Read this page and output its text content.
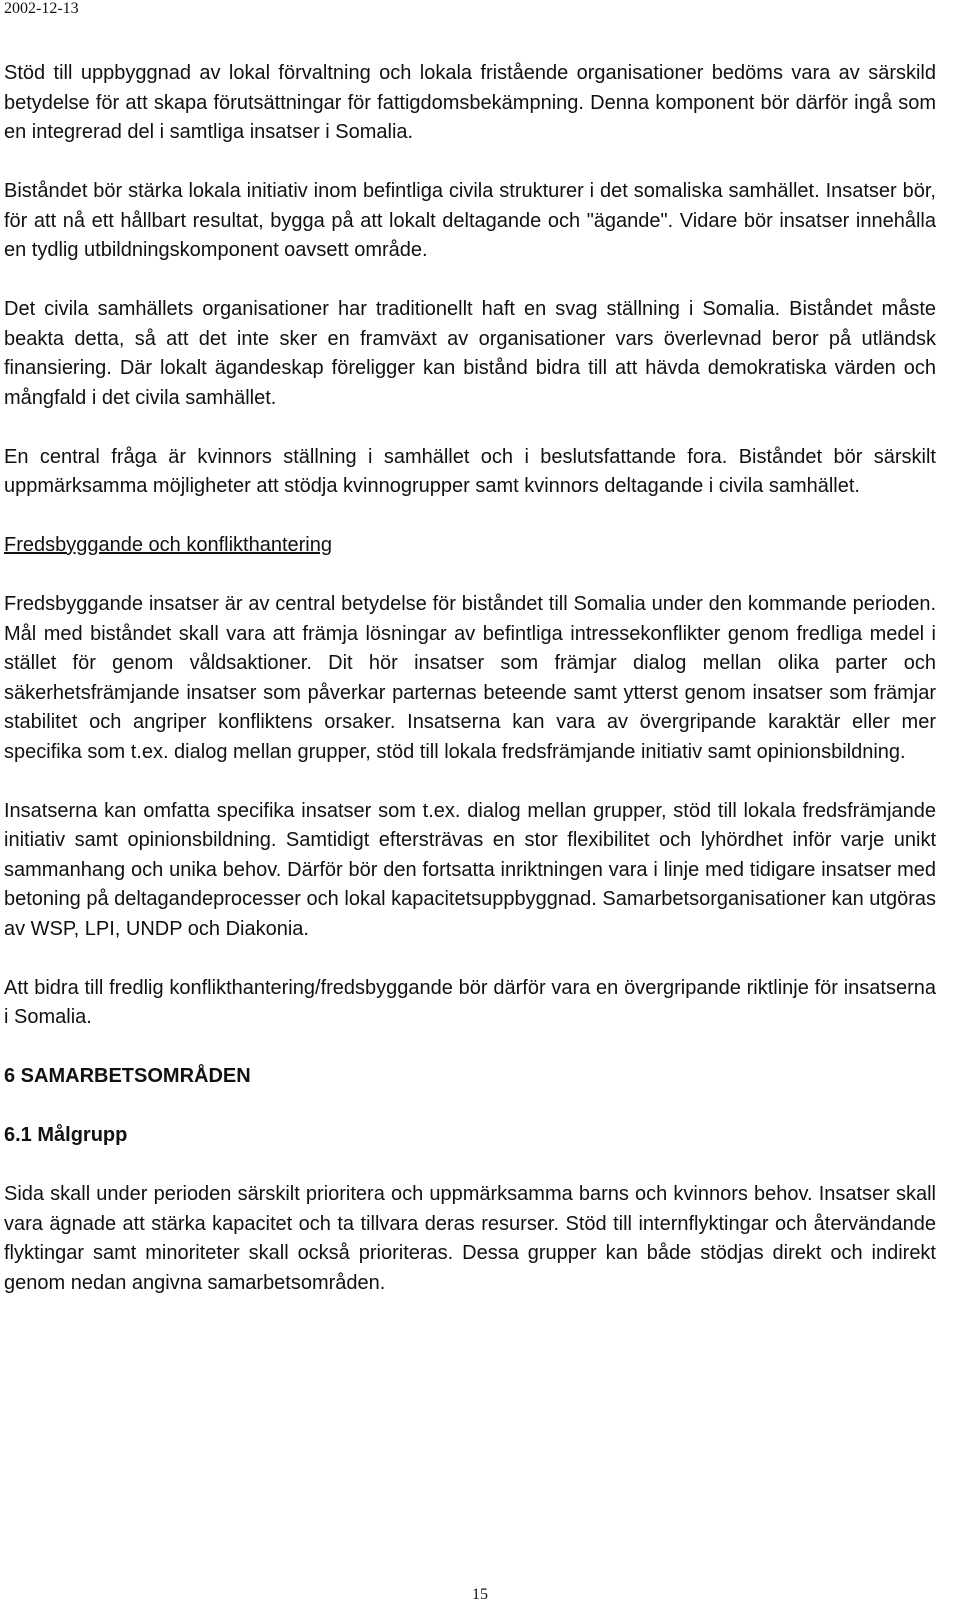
2002-12-13

Stöd till uppbyggnad av lokal förvaltning och lokala fristående organisationer bedöms vara av särskild betydelse för att skapa förutsättningar för fattigdomsbekämpning. Denna komponent bör därför ingå som en integrerad del i samtliga insatser i Somalia.

Biståndet bör stärka lokala initiativ inom befintliga civila strukturer i det somaliska samhället. Insatser bör, för att nå ett hållbart resultat, bygga på att lokalt deltagande och "ägande". Vidare bör insatser innehålla en tydlig utbildningskomponent oavsett område.

Det civila samhällets organisationer har traditionellt haft en svag ställning i Somalia. Biståndet måste beakta detta, så att det inte sker en framväxt av organisationer vars överlevnad beror på utländsk finansiering. Där lokalt ägandeskap föreligger kan bistånd bidra till att hävda demokratiska värden och mångfald i det civila samhället.

En central fråga är kvinnors ställning i samhället och i beslutsfattande fora. Biståndet bör särskilt uppmärksamma möjligheter att stödja kvinnogrupper samt kvinnors deltagande i civila samhället.

Fredsbyggande och konflikthantering

Fredsbyggande insatser är av central betydelse för biståndet till Somalia under den kommande perioden. Mål med biståndet skall vara att främja lösningar av befintliga intressekonflikter genom fredliga medel i stället för genom våldsaktioner. Dit hör insatser som främjar dialog mellan olika parter och säkerhetsfrämjande insatser som påverkar parternas beteende samt ytterst genom insatser som främjar stabilitet och angriper konfliktens orsaker. Insatserna kan vara av övergripande karaktär eller mer specifika som t.ex. dialog mellan grupper, stöd till lokala fredsfrämjande initiativ samt opinionsbildning.

Insatserna kan omfatta specifika insatser som t.ex. dialog mellan grupper, stöd till lokala fredsfrämjande initiativ samt opinionsbildning. Samtidigt eftersträvas en stor flexibilitet och lyhördhet inför varje unikt sammanhang och unika behov. Därför bör den fortsatta inriktningen vara i linje med tidigare insatser med betoning på deltagandeprocesser och lokal kapacitetsuppbyggnad. Samarbetsorganisationer kan utgöras av WSP, LPI, UNDP och Diakonia.

Att bidra till fredlig konflikthantering/fredsbyggande bör därför vara en övergripande riktlinje för insatserna i Somalia.

6 SAMARBETSOMRÅDEN
6.1 Målgrupp

Sida skall under perioden särskilt prioritera och uppmärksamma barns och kvinnors behov. Insatser skall vara ägnade att stärka kapacitet och ta tillvara deras resurser. Stöd till internflyktingar och återvändande flyktingar samt minoriteter skall också prioriteras. Dessa grupper kan både stödjas direkt och indirekt genom nedan angivna samarbetsområden.

15
